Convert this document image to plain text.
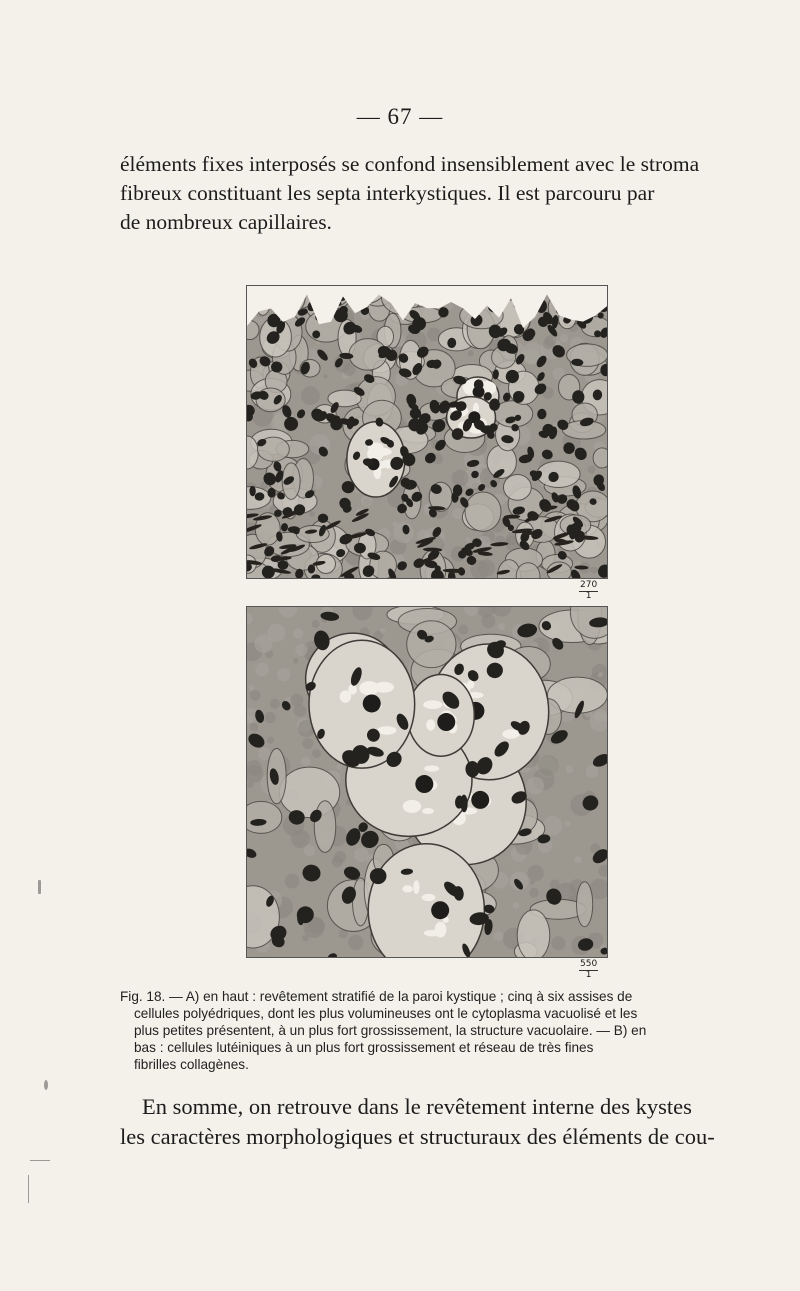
— 67 —
éléments fixes interposés se confond insensiblement avec le stroma
fibreux constituant les septa interkystiques. Il est parcouru par
de nombreux capillaires.
$\frac{270}{1}$
$\frac{550}{1}$
Fig. 18. — A) en haut : revêtement stratifié de la paroi kystique ; cinq à six assises de
cellules polyédriques, dont les plus volumineuses ont le cytoplasma vacuolisé et les
plus petites présentent, à un plus fort grossissement, la structure vacuolaire. — B) en
bas : cellules lutéiniques à un plus fort grossissement et réseau de très fines
fibrilles collagènes.
En somme, on retrouve dans le revêtement interne des kystes
les caractères morphologiques et structuraux des éléments de cou-
